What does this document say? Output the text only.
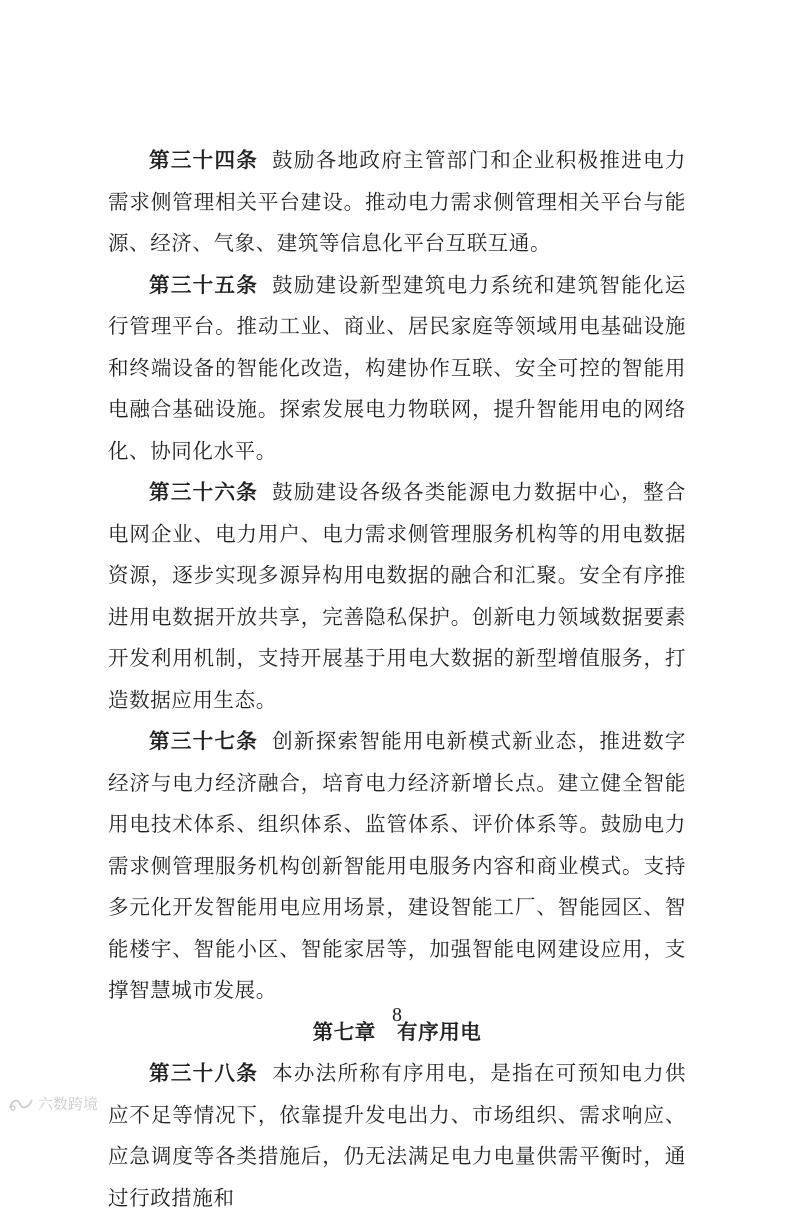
第三十四条 鼓励各地政府主管部门和企业积极推进电力需求侧管理相关平台建设。推动电力需求侧管理相关平台与能源、经济、气象、建筑等信息化平台互联互通。

第三十五条 鼓励建设新型建筑电力系统和建筑智能化运行管理平台。推动工业、商业、居民家庭等领域用电基础设施和终端设备的智能化改造，构建协作互联、安全可控的智能用电融合基础设施。探索发展电力物联网，提升智能用电的网络化、协同化水平。

第三十六条 鼓励建设各级各类能源电力数据中心，整合电网企业、电力用户、电力需求侧管理服务机构等的用电数据资源，逐步实现多源异构用电数据的融合和汇聚。安全有序推进用电数据开放共享，完善隐私保护。创新电力领域数据要素开发利用机制，支持开展基于用电大数据的新型增值服务，打造数据应用生态。

第三十七条 创新探索智能用电新模式新业态，推进数字经济与电力经济融合，培育电力经济新增长点。建立健全智能用电技术体系、组织体系、监管体系、评价体系等。鼓励电力需求侧管理服务机构创新智能用电服务内容和商业模式。支持多元化开发智能用电应用场景，建设智能工厂、智能园区、智能楼宇、智能小区、智能家居等，加强智能电网建设应用，支撑智慧城市发展。

第七章　有序用电

第三十八条 本办法所称有序用电，是指在可预知电力供应不足等情况下，依靠提升发电出力、市场组织、需求响应、应急调度等各类措施后，仍无法满足电力电量供需平衡时，通过行政措施和

8
六数跨境
